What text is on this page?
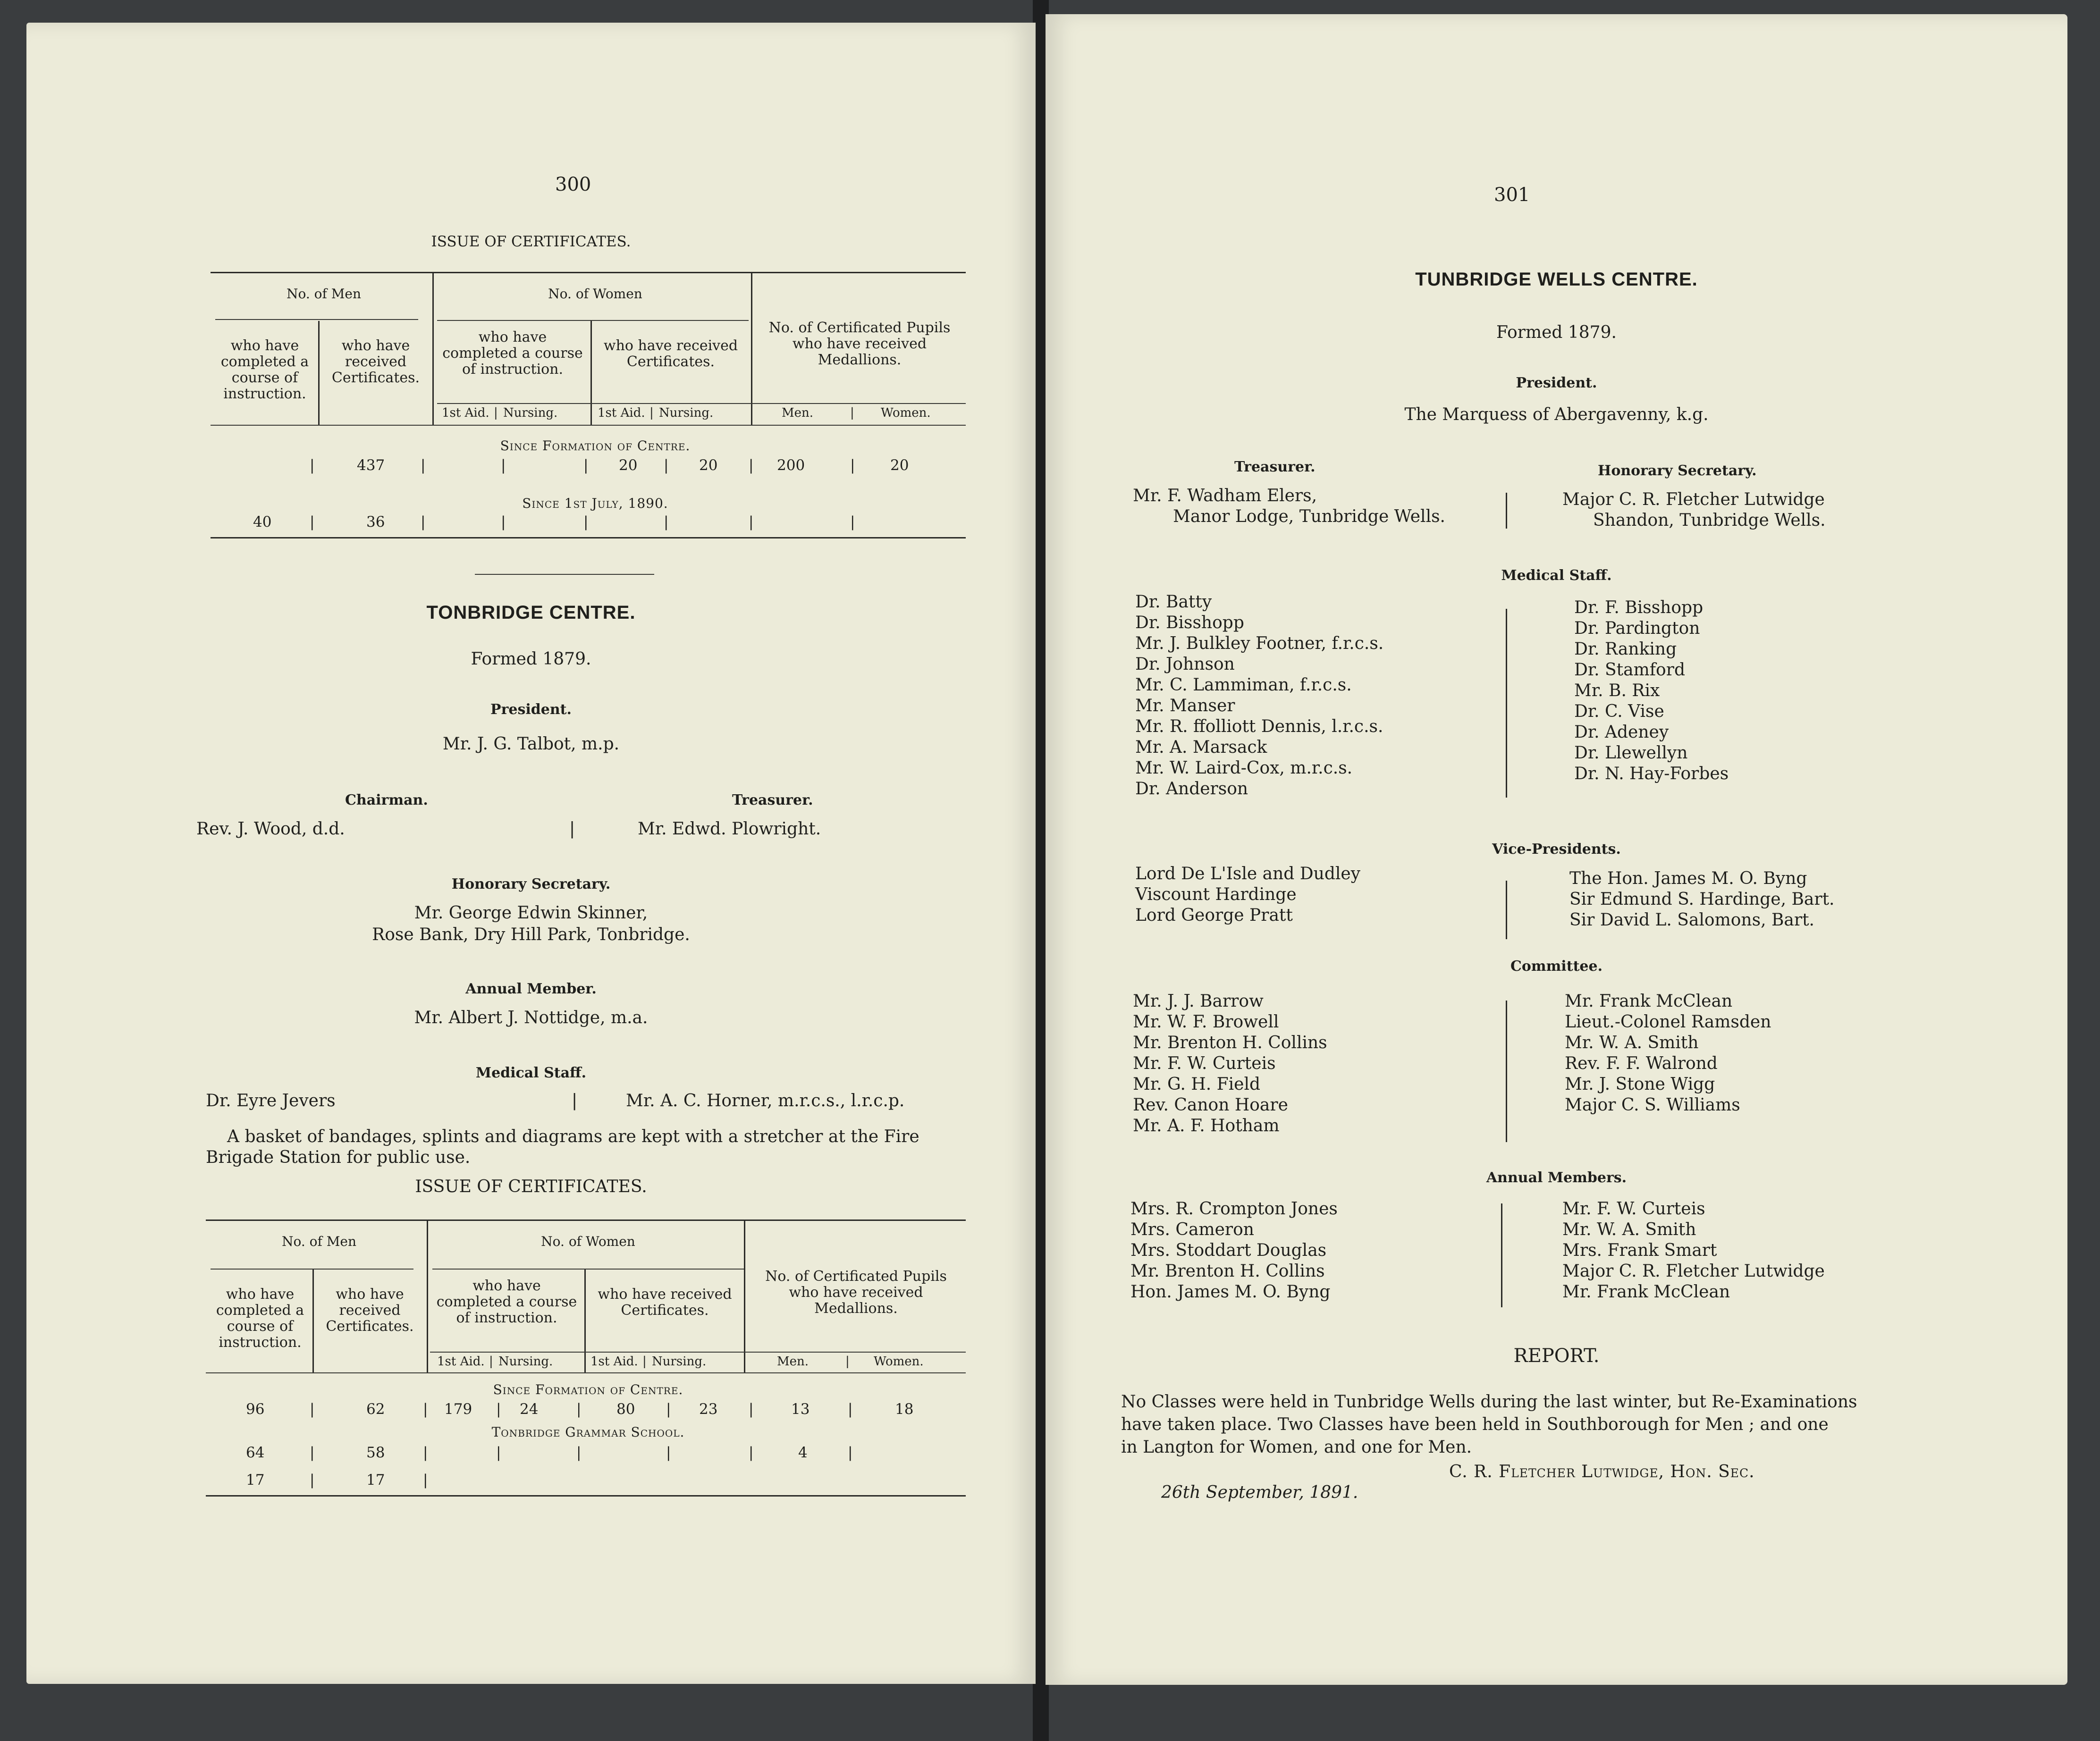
300
ISSUE OF CERTIFICATES.
No. of Men	No. of Women
who have completed a course of instruction.
who have received Certificates.
who have completed a course of instruction.
who have received Certificates.
No. of Certificated Pupils who have received Medallions.
1st Aid. | Nursing.	1st Aid. | Nursing.	Men.	| Women.
Since Formation of Centre.
|	437 |	|	| 20 | 20 | 200	| 20
Since 1st July, 1890.
40	|	36 |	|	|	|	|	|
TONBRIDGE CENTRE.
Formed 1879.
President.
Mr. J. G. Talbot, m.p.
Chairman.	Treasurer.
Rev. J. Wood, d.d.	|	Mr. Edwd. Plowright.
Honorary Secretary.
Mr. George Edwin Skinner,
Rose Bank, Dry Hill Park, Tonbridge.
Annual Member.
Mr. Albert J. Nottidge, m.a.
Medical Staff.
Dr. Eyre Jevers	|	Mr. A. C. Horner, m.r.c.s., l.r.c.p.
A basket of bandages, splints and diagrams are kept with a stretcher at the Fire
Brigade Station for public use.
ISSUE OF CERTIFICATES.
No. of Men	No. of Women
who have completed a course of instruction.
who have received Certificates.
who have completed a course of instruction.
who have received Certificates.
No. of Certificated Pupils who have received Medallions.
1st Aid. | Nursing.	1st Aid. | Nursing.	Men.	| Women.
Since Formation of Centre.
96	|	62	| 179 | 24	| 80 | 23 |	13	|	18
Tonbridge Grammar School.
64	|	58	|	|	|	|	|	4	|
17	|	17	|
301
TUNBRIDGE WELLS CENTRE.
Formed 1879.
President.
The Marquess of Abergavenny, k.g.
Treasurer.	Honorary Secretary.
Mr. F. Wadham Elers,
Manor Lodge, Tunbridge Wells.
Major C. R. Fletcher Lutwidge
Shandon, Tunbridge Wells.
Medical Staff.
Dr. Batty
Dr. Bisshopp
Mr. J. Bulkley Footner, f.r.c.s.
Dr. Johnson
Mr. C. Lammiman, f.r.c.s.
Mr. Manser
Mr. R. ffolliott Dennis, l.r.c.s.
Mr. A. Marsack
Mr. W. Laird-Cox, m.r.c.s.
Dr. Anderson
Dr. F. Bisshopp
Dr. Pardington
Dr. Ranking
Dr. Stamford
Mr. B. Rix
Dr. C. Vise
Dr. Adeney
Dr. Llewellyn
Dr. N. Hay-Forbes
Vice-Presidents.
Lord De L'Isle and Dudley
Viscount Hardinge
Lord George Pratt
The Hon. James M. O. Byng
Sir Edmund S. Hardinge, Bart.
Sir David L. Salomons, Bart.
Committee.
Mr. J. J. Barrow
Mr. W. F. Browell
Mr. Brenton H. Collins
Mr. F. W. Curteis
Mr. G. H. Field
Rev. Canon Hoare
Mr. A. F. Hotham
Mr. Frank McClean
Lieut.-Colonel Ramsden
Mr. W. A. Smith
Rev. F. F. Walrond
Mr. J. Stone Wigg
Major C. S. Williams
Annual Members.
Mrs. R. Crompton Jones
Mrs. Cameron
Mrs. Stoddart Douglas
Mr. Brenton H. Collins
Hon. James M. O. Byng
Mr. F. W. Curteis
Mr. W. A. Smith
Mrs. Frank Smart
Major C. R. Fletcher Lutwidge
Mr. Frank McClean
REPORT.
No Classes were held in Tunbridge Wells during the last winter, but Re-Examinations
have taken place. Two Classes have been held in Southborough for Men ; and one
in Langton for Women, and one for Men.
C. R. Fletcher Lutwidge, Hon. Sec.
26th September, 1891.
